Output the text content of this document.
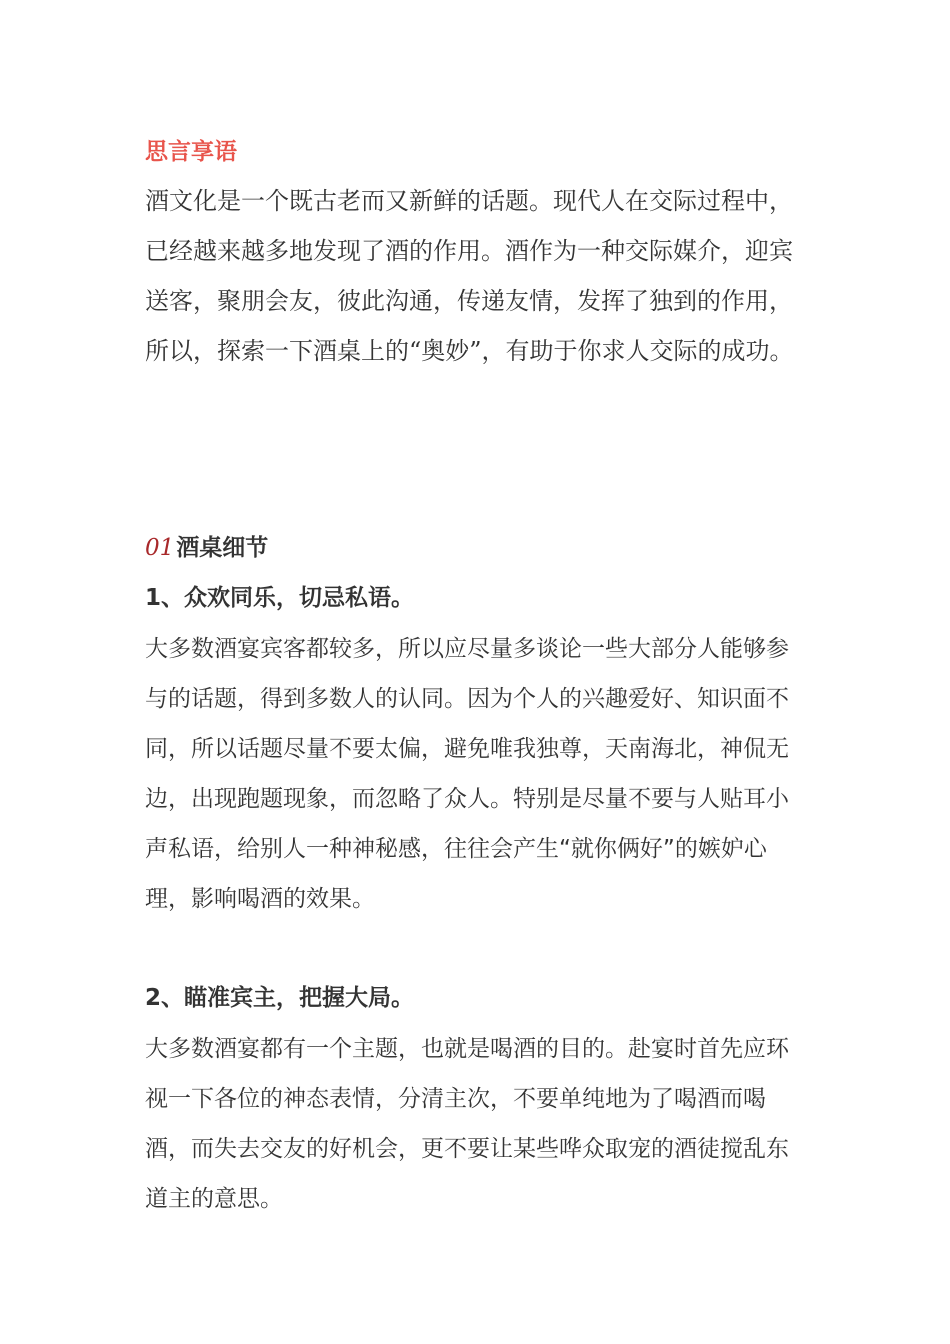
思言享语

酒文化是一个既古老而又新鲜的话题。现代人在交际过程中，已经越来越多地发现了酒的作用。酒作为一种交际媒介，迎宾送客，聚朋会友，彼此沟通，传递友情，发挥了独到的作用，所以，探索一下酒桌上的“奥妙”，有助于你求人交际的成功。

01酒桌细节
1、众欢同乐，切忌私语。

大多数酒宴宾客都较多，所以应尽量多谈论一些大部分人能够参与的话题，得到多数人的认同。因为个人的兴趣爱好、知识面不同，所以话题尽量不要太偏，避免唯我独尊，天南海北，神侃无边，出现跑题现象，而忽略了众人。特别是尽量不要与人贴耳小声私语，给别人一种神秘感，往往会产生“就你俩好”的嫉妒心理，影响喝酒的效果。

2、瞄准宾主，把握大局。

大多数酒宴都有一个主题，也就是喝酒的目的。赴宴时首先应环视一下各位的神态表情，分清主次，不要单纯地为了喝酒而喝酒，而失去交友的好机会，更不要让某些哗众取宠的酒徒搅乱东道主的意思。
